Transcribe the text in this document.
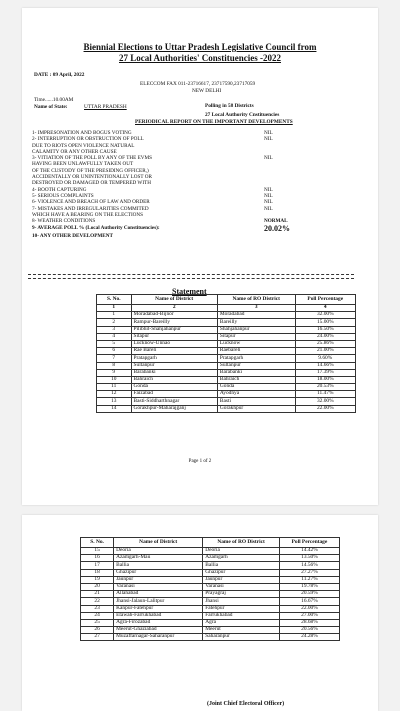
Biennial Elections to Uttar Pradesh Legislative Council from
27 Local Authorities' Constituencies -2022
DATE : 09 April, 2022
ELECCOM FAX 011-23716617, 23717590,23717059
NEW DELHI
Time......10.00AM
Name of State:	UTTAR PRADESH	Polling in 58 Districts
27 Local Authority Cnstituencies
PERIODICAL REPORT ON THE IMPORTANT DEVELOPMENTS
1- IMPRESONATION AND BOGUS VOTING	NIL
2- INTERRUPTION OR OBSTRUCTION OF POLL
DUE TO RIOTS OPEN VIOLENCE NATURAL
CALAMITY OR ANY OTHER CAUSE
NIL
3- VITIATION OF THE POLL BY ANY OF THE EVMS
HAVING BEEN UNLAWFULLY TAKEN OUT
OF THE CUSTODY OF THE PRESIDING OFFICER,)
ACCIDENTALLY OR UNINTENTIONALLY LOST OR
DESTROYED OR DAMAGED OR TEMPERED WITH
NIL
4- BOOTH CAPTURING	NIL
5- SERIOUS COMPLAINTS	NIL
6- VIOLENCE AND BREACH OF LAW AND ORDER	NIL
7- MISTAKES AND IRREGULARITIES COMMITED
WHICH HAVE A BEARING ON THE ELECTIONS
NIL
8- WEATHER CONDITIONS	NORMAL
9- AVERAGE POLL % (Local Authority Constituencies):	20.02%
10- ANY OTHER DEVELOPMENT
Statement
S. No.	Name of District	Name of RO District	Poll Percentage
1	2	3	4
1	Moradabad-Bijnor	Moradabad	32.00%
2	Rampur-Bareilly	Bareilly	15.00%
3	Pilibhit-Shahjahanpur	Shahjahanpur	16.50%
4	Sitapur	Sitapur	24.00%
5	Lucknow-Unnao	Lucknow	25.86%
6	Rae Bareli	Raebareli	21.00%
7	Pratapgarh	Pratapgarh	9.60%
8	Sultanpur	Sultanpur	14.66%
9	Barabanki	Barabanki	17.39%
10	Bahraich	Bahraich	18.00%
11	Gonda	Gonda	20.53%
12	Faizabad	Ayodhya	11.47%
13	Basti-Siddharthnagar	Basti	32.00%
14	Gorakhpur-Maharajganj	Gorakhpur	22.00%
Page 1 of 2
S. No.	Name of District	Name of RO District	Poll Percentage
15	Deoria	Deoria	14.42%
16	Azamgarh-Mau	Azamgarh	13.50%
17	Ballia	Ballia	14.56%
18	Ghazipur	Ghazipur	27.27%
19	Jaunpur	Jaunpur	11.27%
20	Varanasi	Varanasi	19.78%
21	Allahabad	Prayagraj	20.59%
22	Jhansi-Jalaun-Lalitpur	Jhansi	16.67%
23	Kanpur-Fatehpur	Fatehpur	22.00%
24	Etawah-Farrukhabad	Farrukhabad	27.00%
25	Agra-Firozabad	Agra	28.68%
26	Meerut-Ghaziabad	Meerut	20.56%
27	Muzaffarnagar-Saharanpur	Saharanpur	24.28%
(Joint Chief Electoral Officer)
